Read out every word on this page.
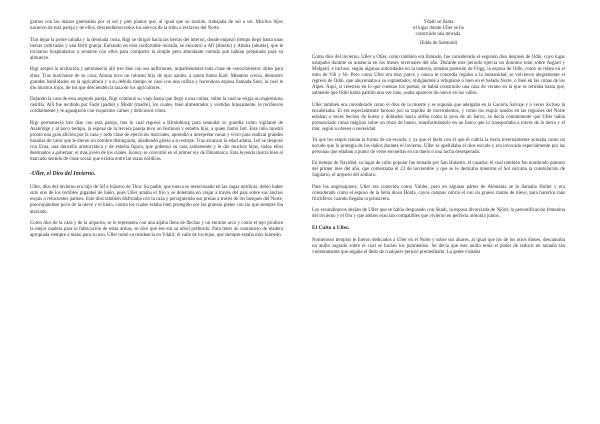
granos con las manos guemados por el sol y pies planos que, al igual que su marido, trabajaba de sol a sol. Muchos hijos nacieron de esta pareja y de ellos, descendieron todos los siervos de la tribu o esclavos del Norte.

Tras dejar la pobre cabaña y la desolada costa, Rigr se dirigió hacia las tierras del interior, donde empezó tiempo llegó hasta unas tierras cultivadas y una fértil granja. Entrando en esta confortable morada, se encontró a Afi (abuelo) y Amma (abuela), que le invitaron hospitalarios a sentarse con ellos para compartir la simple pero abundante comida que habían preparado para su almuerzo.

Rigr aceptó la invitación y permaneció allí tres días con sus anfitriones, impartiéndoles toda clase de conocimientos útiles para ellos. Tras marcharse de su casa, Amma tuvo un robusto hijo de ojos azules, a quien llamó Karl. Mientras crecía, demostró grandes habilidades en la agricultura y a su debido tiempo se casó con una rolliza y hacendosa esposa llamada Snor, la cual le dio muchos hijos, de los que descienden la raza de los agricultores.

Dejando la casa de esta segunda pareja, Rigr continuó su viaje hasta que llegó a una colina, sobre la cual se erigía un majestuoso castillo. Allí fue recibido por Fadir (padre) y Modir (madre), los cuales, bien alimentados y vestidos lujosamente, le recibieron cordialmente y le agasajaron con exquisitos carnes y deliciosos vinos.

Rigr permaneció tres días con esta pareja, tras lo cual regresó a Himinbiorg para reanudar su guardia como vigilante de Asabridge y al poco tiempo, la esposa de la tercera pareja tuvo un hermoso y esbelto hijo, a quien llamó Jarl. Este niño mostró pronto una gran afición por la caza y todo clase de ejercicios marciales, aprendió a interpretar runas y vivió para realizar grandes hazañas de valor que le dieron un nombre distinguido, añadiendo gloria a su estirpe. Tras alcanzar la edad adulta, Jarl se desposó con Erna, una doncella aristocrática y de esbelta figura, que gobernó su casa sabiamente y le dio muchos hijos, todos ellos destinados a gobernar, el más joven de los cuales, Konur, se convirtió en el primer rey de Dinamarca. Esta leyenda ilustra bien el marcado sentido de clase social que existía entre las razas nórdicas.

-Uller, el Dios del Invierno.

Uller, dios del invierno era hijo de Sif e hijastro de Thor. Su padre, que nunca es mencionado en las sagas nórdicas, debió haber sido uno de los terribles gigantes de hielo, pues Uller amaba el frío y se deleitaba en viajar a través del país sobre sus anchos esquís o relucientes patines. Este dios también disfrutaba con la caza y persiguiendo sus presas a través de los bosques del Norte, preocupándose poco de la nieve y el hielo, contra los cuales estaba bien protegido por las gruesas pieles con las que siempre iba ataviado.

Como dios de la caza y de la arquería, se le representa con una aljaba llena de flechas y un enorme arco y como el tejo produce la mejor madera para la fabricación de estas armas, se dice que ése era su árbol preferido. Para tener un suministro de madera apropiada siempre a mano para su uso, Uller tomó su residencia en Ydalir, el valle de los tejos, que siempre estaba muy húmedo.

Ydalir se llama
el lugar donde Uller se ha
construido una morada.
(Edda de Sæmund)

Como dios del invierno, Uller u Oller, como también era llamado, fue considerado el segundo dios después de Odín, cuyo lugar usurpaba durante su ausencia en los meses invernales del año. Durante este periodo ejercía un dominio total sobre Asgard y Midgard, e incluso, según algunas autoridades en la materia, tomaba posesión de Frigg, la esposa de Odín, como se relata en el mito de Vili y Ve. Pero como Uller era muy parco y nunca le concedía regalos a la humanidad, se volvieron alegremente el regreso de Odín, que ahuyentaba a su suplantador, obligándole a refugiarse o bien en el helado Norte, o bien en las cimas de los Alpes. Aquí, si creemos en lo que cuentan los poetas, se había construido una casa de verano en la que se retiraba hasta que, sabiendo que Odín había partido una vez más, osaba aparecer de nuevo en los valles.

Uller también era considerado como el dios de la muerte y se suponía que adelgaba en la Caceria Salvaje y a veces incluso la encabezaba. El era especialmente famoso por su rapidez de movimientos, y como los esquís usados en las regiones del Norte estaban a veces hechos de hueso y doblados hacia arriba como la proa de un barco, se decía comúnmente que Uller había pronunciado runas mágicas sobre un trozo de hueso, transformándolo en un barco que lo transportaba a través de la tierra y el mar, según su deseo o necesidad.

Ya que los esquís tenían la forma de un escudo, y ya que el hielo con el que él cubría la tierra invernalmente actuaba como un escudo que lo protegía de los daños durante el invierno, Uller se apellidaba el dios escudo y era invocado especialmente por las personas que estaban a punto de verse envueltas en un duelo o una lucha desesperada.

En tiempo de Navidad, su lugar de culto popular fue tomado por San Huberto, el cazador, el cual también fue nombrado patrono del primer mes del año, que comenzaba el 22 de noviembre y que se le dedicaba mientras el Sol surcaba la constelación de Sagitario, el arquero del zodiaco.

Para los anglosajones, Uller era conocido como Vulder, pero en algunas partes de Alemania se le llamaba Holler y era considerado como el esposo de la bella diosa Holda, cuyos campos cubría el con un grueso manto de nieve, para hacerlos más fructíferos cuando llegaba la primavera.

Los escandinavos decían de Uller que se había desposado con Skadi, la esposa divorciada de Njörd, la personificación femenina del invierno y el frío y que ambos eran tan compatibles que vivieron en perfecta armonía juntos.

El Culto a Uller.

Numerosos templos le fueron dedicados a Uller en el Norte y sobre sus altares, al igual que los de los otros dioses, descansaba un anillo sagrado sobre el cual se hacían los juramentos. Se decía que este anillo tenía el poder de reducir en tamaño tan violentamente que segaba el dedo de cualquier perjuro premeditado. La gente visitaba
